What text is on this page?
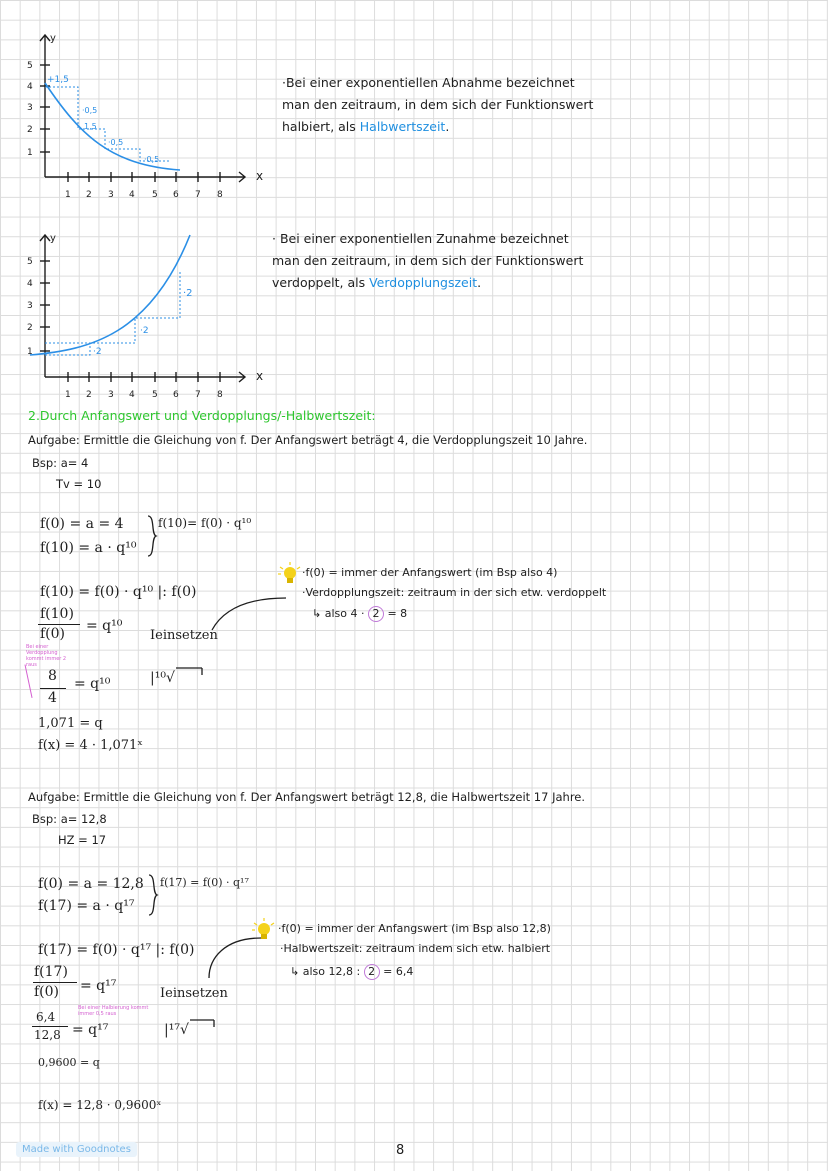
+1,5
·0,5
1,5
·0,5
·0,5
y
x
5
4
3
2
1
1 2 3 4 5 6 7 8
·Bei einer exponentiellen Abnahme bezeichnet
man den zeitraum, in dem sich der Funktionswert
halbiert, als Halbwertszeit.
·2
·2
·2
y
x
5
4
3
2
1
1 2 3 4 5 6 7 8
· Bei einer exponentiellen Zunahme bezeichnet
man den zeitraum, in dem sich der Funktionswert
verdoppelt, als Verdopplungszeit.
2.Durch Anfangswert und Verdopplungs/-Halbwertszeit:
Aufgabe: Ermittle die Gleichung von f. Der Anfangswert beträgt 4, die Verdopplungszeit 10 Jahre.
Bsp: a= 4
Tv = 10
f(0) = a = 4
f(10) = a · q¹⁰
f(10)= f(0) · q¹⁰
f(10) = f(0) · q¹⁰ |: f(0)
f(10)
f(0) = q¹⁰
Ieinsetzen
Bei einer Verdopplung kommt immer 2 raus
8
4
= q¹⁰	|¹⁰√
1,071 = q
f(x) = 4 · 1,071ˣ
·f(0) = immer der Anfangswert (im Bsp also 4)
·Verdopplungszeit: zeitraum in der sich etw. verdoppelt
↳ also 4 · 2 = 8
Aufgabe: Ermittle die Gleichung von f. Der Anfangswert beträgt 12,8, die Halbwertszeit 17 Jahre.
Bsp: a= 12,8
HZ = 17
f(0) = a = 12,8
f(17) = a · q¹⁷
f(17) = f(0) · q¹⁷
f(17) = f(0) · q¹⁷ |: f(0)
f(17)
f(0) = q¹⁷	Ieinsetzen
Bei einer Halbierung kommt immer 0,5 raus
6,4
12,8 = q¹⁷	|¹⁷√
0,9600 = q
f(x) = 12,8 · 0,9600ˣ
·f(0) = immer der Anfangswert (im Bsp also 12,8)
·Halbwertszeit: zeitraum indem sich etw. halbiert
↳ also 12,8 : 2 = 6,4
Made with Goodnotes	8
